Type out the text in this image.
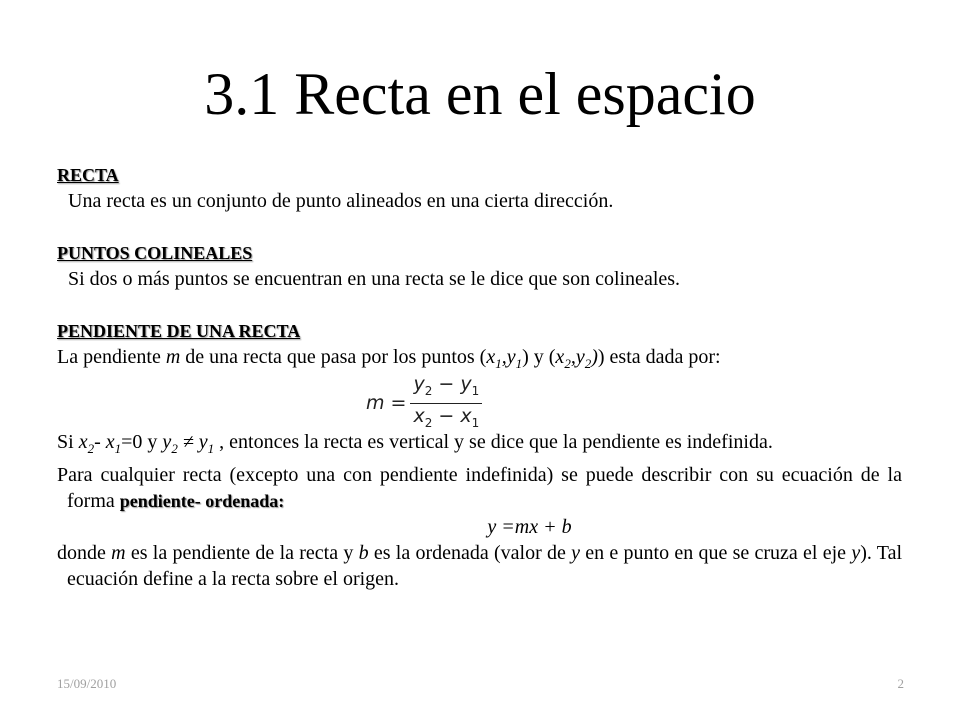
3.1 Recta en el espacio
RECTA
Una recta es un conjunto de punto alineados en una cierta dirección.
PUNTOS COLINEALES
Si dos o más puntos se encuentran en una recta se le dice que son colineales.
PENDIENTE DE UNA RECTA
La pendiente m de una recta que pasa por los puntos $(x_1,y_1)$ y $(x_2,y_2)$) esta dada por:
$m = \frac{y_2 - y_1}{x_2 - x_1}$
Si $x_2-$ $x_1=0$ y $y_2 \ne y_1$ , entonces la recta es vertical y se dice que la pendiente es indefinida.
Para cualquier recta (excepto una con pendiente indefinida) se puede describir con su ecuación de la forma pendiente- ordenada:
y =mx + b
donde m es la pendiente de la recta y b es la ordenada (valor de y en e punto en que se cruza el eje y). Tal ecuación define a la recta sobre el origen.
15/09/2010	2
